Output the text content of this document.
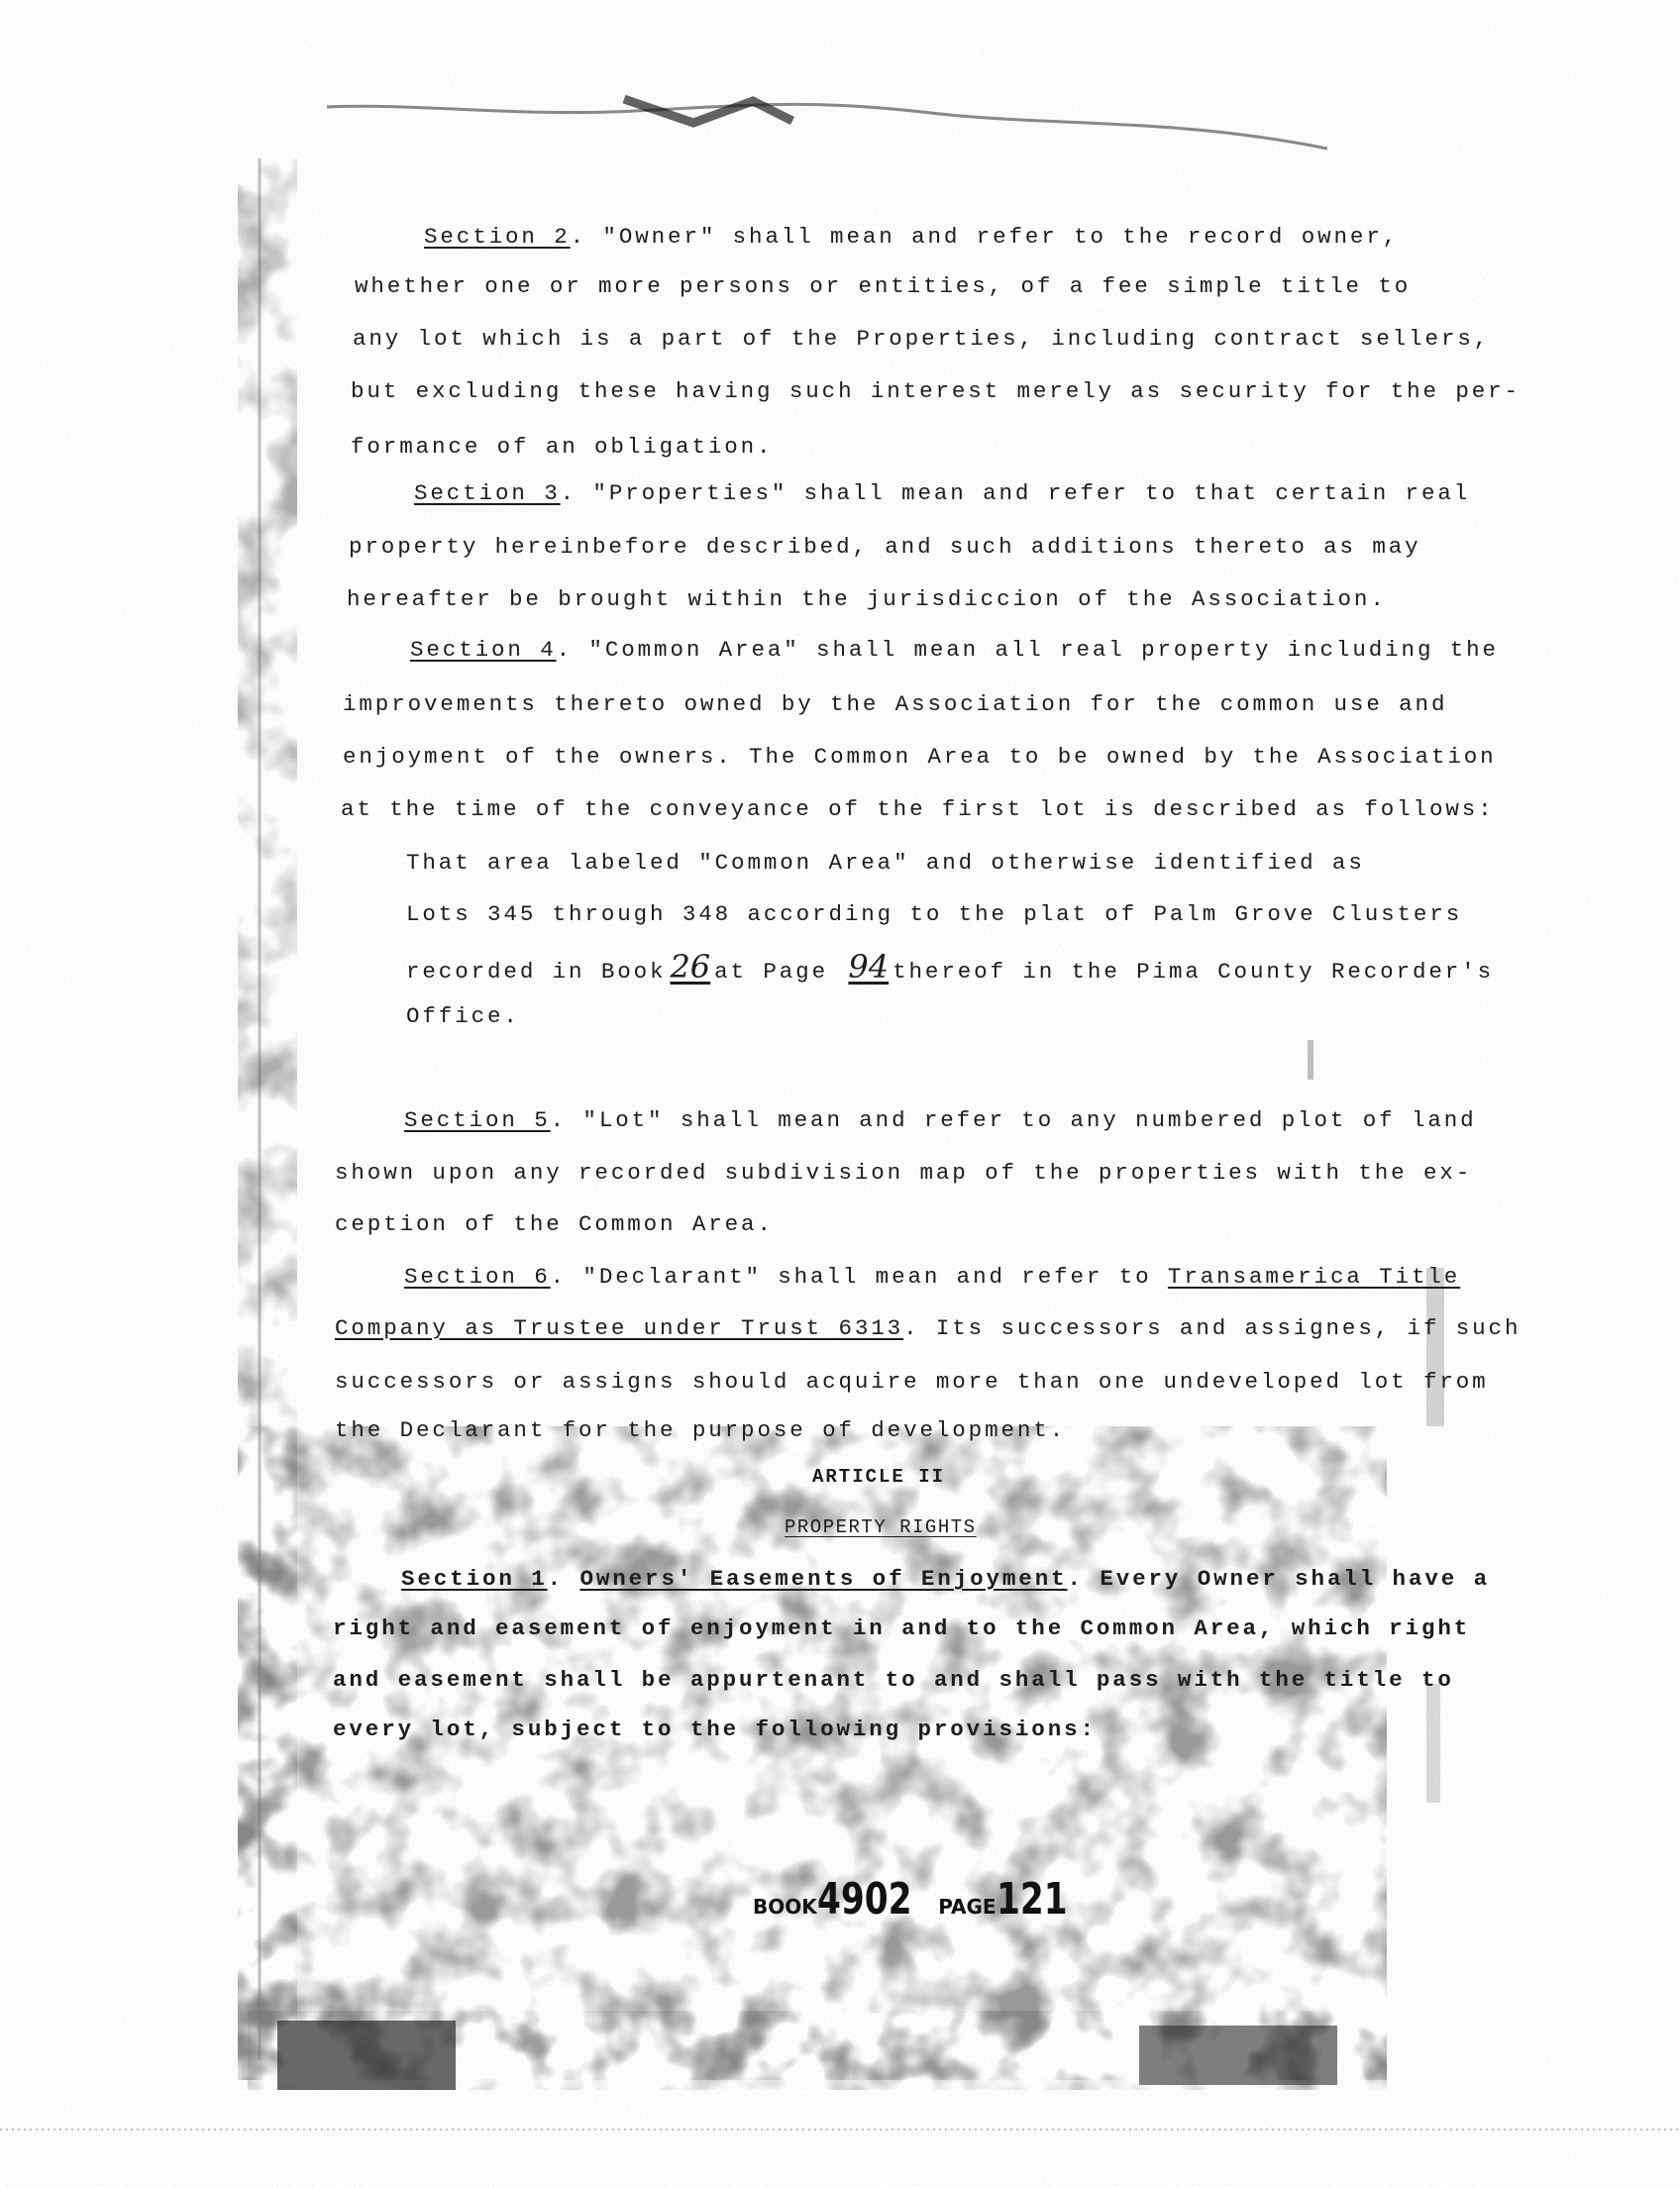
Section 2. "Owner" shall mean and refer to the record owner,
whether one or more persons or entities, of a fee simple title to
any lot which is a part of the Properties, including contract sellers,
but excluding these having such interest merely as security for the per-
formance of an obligation.
Section 3. "Properties" shall mean and refer to that certain real
property hereinbefore described, and such additions thereto as may
hereafter be brought within the jurisdiccion of the Association.
Section 4. "Common Area" shall mean all real property including the
improvements thereto owned by the Association for the common use and
enjoyment of the owners. The Common Area to be owned by the Association
at the time of the conveyance of the first lot is described as follows:
That area labeled "Common Area" and otherwise identified as
Lots 345 through 348 according to the plat of Palm Grove Clusters
recorded in Book 26 at Page 94 thereof in the Pima County Recorder's
Office.
Section 5. "Lot" shall mean and refer to any numbered plot of land
shown upon any recorded subdivision map of the properties with the ex-
ception of the Common Area.
Section 6. "Declarant" shall mean and refer to Transamerica Title
Company as Trustee under Trust 6313. Its successors and assignes, if such
successors or assigns should acquire more than one undeveloped lot from
the Declarant for the purpose of development.
ARTICLE II
PROPERTY RIGHTS
Section 1. Owners' Easements of Enjoyment. Every Owner shall have a
right and easement of enjoyment in and to the Common Area, which right
and easement shall be appurtenant to and shall pass with the title to
every lot, subject to the following provisions:
BOOK4902 PAGE121
